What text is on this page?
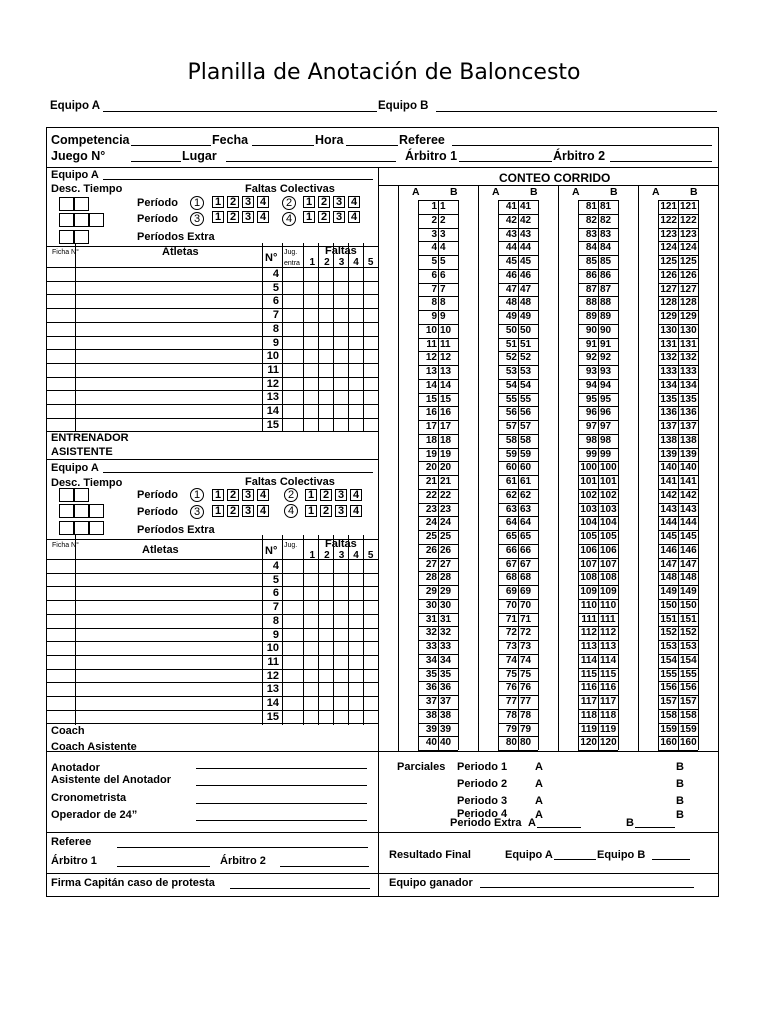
Planilla de Anotación de Baloncesto
Equipo A	Equipo B
Competencia	Fecha	Hora	Referee
Juego N°	Lugar	Árbitro 1	Árbitro 2
Equipo A
Desc. Tiempo	Faltas Colectivas
Período	1	1 2 3 4	2	1 2 3 4
Período	3	1 2 3 4	4	1 2 3 4
Períodos Extra
Ficha N°	Atletas	N° Jug.
entra
Faltas
1 2 3 4 5
4
5
6
7
8
9
10
11
12
13
14
15
ENTRENADOR
ASISTENTE
Equipo A
Desc. Tiempo	Faltas Colectivas
Período	1	1 2 3 4	2	1 2 3 4
Período	3	1 2 3 4	4	1 2 3 4
Períodos Extra
Ficha N°	Atletas	N° Jug.	Faltas
1 2 3 4 5
4
5
6
7
8
9
10
11
12
13
14
15
Coach
Coach Asistente
CONTEO CORRIDO
A	B
1 1
2 2
3 3
4 4
5 5
6 6
7 7
8 8
9 9
10 10
11 11
12 12
13 13
14 14
15 15
16 16
17 17
18 18
19 19
20 20
21 21
22 22
23 23
24 24
25 25
26 26
27 27
28 28
29 29
30 30
31 31
32 32
33 33
34 34
35 35
36 36
37 37
38 38
39 39
40 40
A	B
41 41
42 42
43 43
44 44
45 45
46 46
47 47
48 48
49 49
50 50
51 51
52 52
53 53
54 54
55 55
56 56
57 57
58 58
59 59
60 60
61 61
62 62
63 63
64 64
65 65
66 66
67 67
68 68
69 69
70 70
71 71
72 72
73 73
74 74
75 75
76 76
77 77
78 78
79 79
80 80
A	B
81 81
82 82
83 83
84 84
85 85
86 86
87 87
88 88
89 89
90 90
91 91
92 92
93 93
94 94
95 95
96 96
97 97
98 98
99 99
100 100
101 101
102 102
103 103
104 104
105 105
106 106
107 107
108 108
109 109
110 110
111 111
112 112
113 113
114 114
115 115
116 116
117 117
118 118
119 119
120 120
A	B
121 121
122 122
123 123
124 124
125 125
126 126
127 127
128 128
129 129
130 130
131 131
132 132
133 133
134 134
135 135
136 136
137 137
138 138
139 139
140 140
141 141
142 142
143 143
144 144
145 145
146 146
147 147
148 148
149 149
150 150
151 151
152 152
153 153
154 154
155 155
156 156
157 157
158 158
159 159
160 160
Anotador
Asistente del Anotador
Cronometrista
Operador de 24”
Referee
Árbitro 1	Árbitro 2
Firma Capitán caso de protesta
Parciales Periodo 1	A	B
Periodo 2	A	B
Periodo 3	A	B
Periodo 4	A	B
Periodo Extra A	B
Resultado Final	Equipo A	Equipo B
Equipo ganador
